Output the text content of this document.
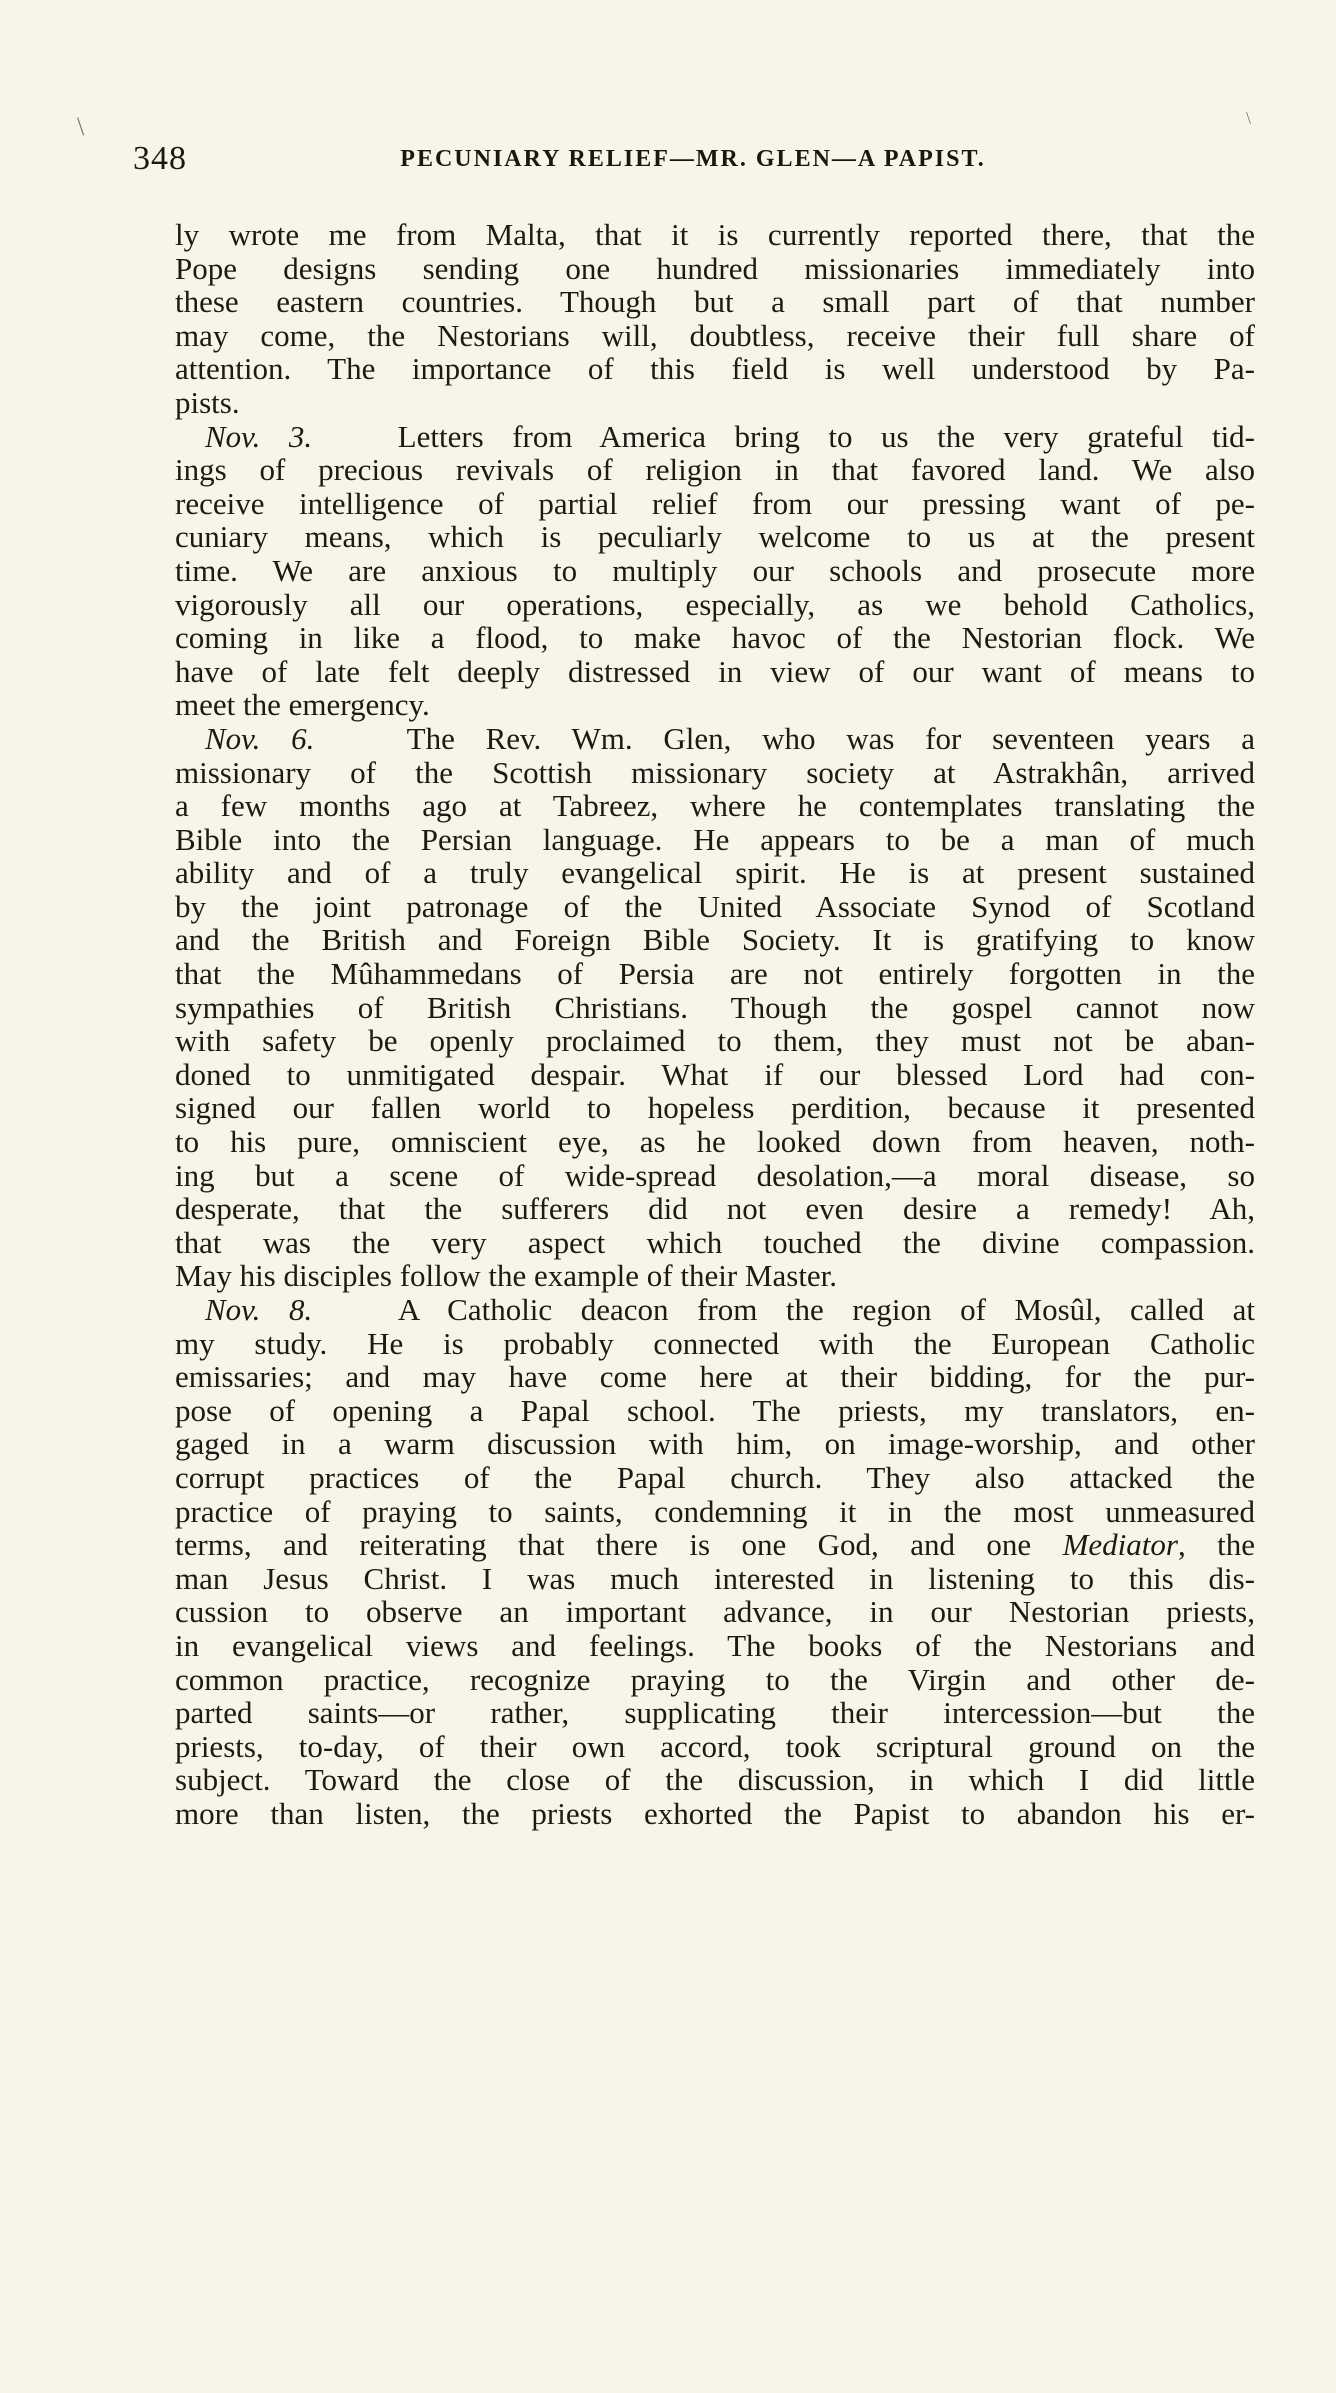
\	\
348	PECUNIARY RELIEF—MR. GLEN—A PAPIST.
ly wrote me from Malta, that it is currently reported there, that the
Pope designs sending one hundred missionaries immediately into
these eastern countries. Though but a small part of that number
may come, the Nestorians will, doubtless, receive their full share of
attention. The importance of this field is well understood by Pa-
pists.
Nov. 3.	Letters from America bring to us the very grateful tid-
ings of precious revivals of religion in that favored land. We also
receive intelligence of partial relief from our pressing want of pe-
cuniary means, which is peculiarly welcome to us at the present
time. We are anxious to multiply our schools and prosecute more
vigorously all our operations, especially, as we behold Catholics,
coming in like a flood, to make havoc of the Nestorian flock. We
have of late felt deeply distressed in view of our want of means to
meet the emergency.
Nov. 6.	The Rev. Wm. Glen, who was for seventeen years a
missionary of the Scottish missionary society at Astrakhân, arrived
a few months ago at Tabreez, where he contemplates translating the
Bible into the Persian language. He appears to be a man of much
ability and of a truly evangelical spirit. He is at present sustained
by the joint patronage of the United Associate Synod of Scotland
and the British and Foreign Bible Society. It is gratifying to know
that the Mûhammedans of Persia are not entirely forgotten in the
sympathies of British Christians. Though the gospel cannot now
with safety be openly proclaimed to them, they must not be aban-
doned to unmitigated despair. What if our blessed Lord had con-
signed our fallen world to hopeless perdition, because it presented
to his pure, omniscient eye, as he looked down from heaven, noth-
ing but a scene of wide-spread desolation,—a moral disease, so
desperate, that the sufferers did not even desire a remedy! Ah,
that was the very aspect which touched the divine compassion.
May his disciples follow the example of their Master.
Nov. 8.	A Catholic deacon from the region of Mosûl, called at
my study. He is probably connected with the European Catholic
emissaries; and may have come here at their bidding, for the pur-
pose of opening a Papal school. The priests, my translators, en-
gaged in a warm discussion with him, on image-worship, and other
corrupt practices of the Papal church. They also attacked the
practice of praying to saints, condemning it in the most unmeasured
terms, and reiterating that there is one God, and one Mediator, the
man Jesus Christ. I was much interested in listening to this dis-
cussion to observe an important advance, in our Nestorian priests,
in evangelical views and feelings. The books of the Nestorians and
common practice, recognize praying to the Virgin and other de-
parted saints—or rather, supplicating their intercession—but the
priests, to-day, of their own accord, took scriptural ground on the
subject. Toward the close of the discussion, in which I did little
more than listen, the priests exhorted the Papist to abandon his er-
